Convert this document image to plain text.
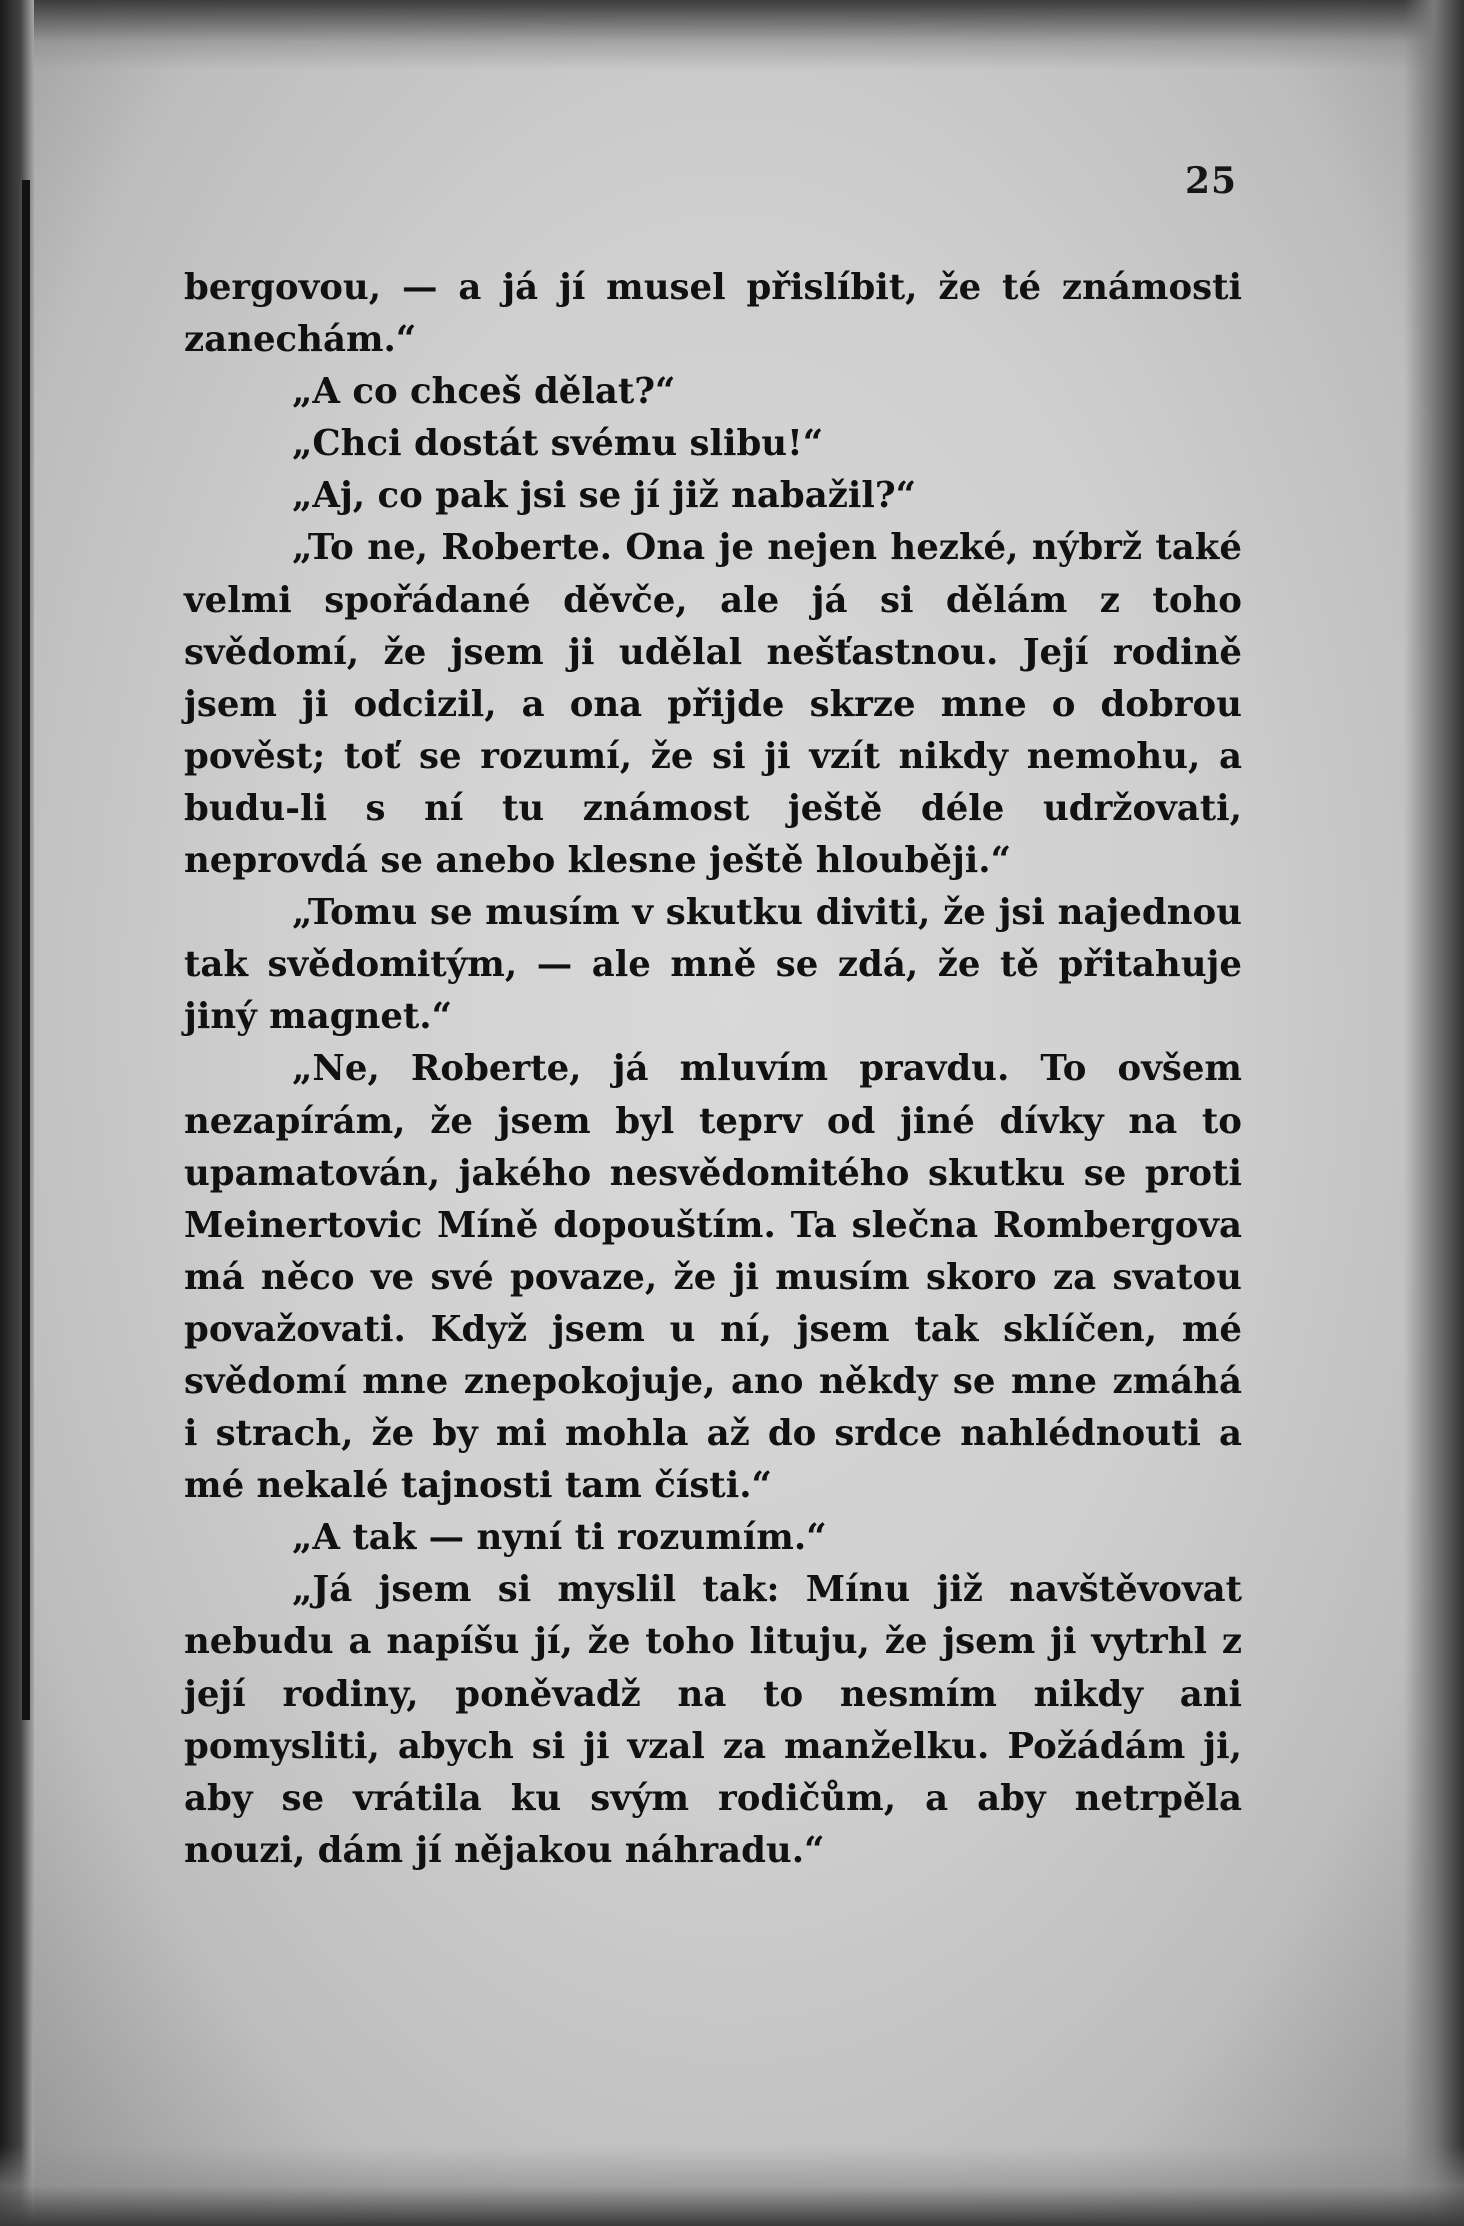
25

bergovou, — a já jí musel přislíbit, že té známosti zanechám.“

„A co chceš dělat?“

„Chci dostát svému slibu!“

„Aj, co pak jsi se jí již nabažil?“

„To ne, Roberte. Ona je nejen hezké, nýbrž také velmi spořádané děvče, ale já si dělám z toho svědomí, že jsem ji udělal nešťastnou. Její rodině jsem ji odcizil, a ona přijde skrze mne o dobrou pověst; toť se rozumí, že si ji vzít nikdy nemohu, a budu-li s ní tu známost ještě déle udržovati, neprovdá se anebo klesne ještě hlouběji.“

„Tomu se musím v skutku diviti, že jsi najednou tak svědomitým, — ale mně se zdá, že tě přitahuje jiný magnet.“

„Ne, Roberte, já mluvím pravdu. To ovšem nezapírám, že jsem byl teprv od jiné dívky na to upamatován, jakého nesvědomitého skutku se proti Meinertovic Míně dopouštím. Ta slečna Rombergova má něco ve své povaze, že ji musím skoro za svatou považovati. Když jsem u ní, jsem tak sklíčen, mé svědomí mne znepokojuje, ano někdy se mne zmáhá i strach, že by mi mohla až do srdce nahlédnouti a mé nekalé tajnosti tam čísti.“

„A tak — nyní ti rozumím.“

„Já jsem si myslil tak: Mínu již navštěvovat nebudu a napíšu jí, že toho lituju, že jsem ji vytrhl z její rodiny, poněvadž na to nesmím nikdy ani pomysliti, abych si ji vzal za manželku. Požádám ji, aby se vrátila ku svým rodičům, a aby netrpěla nouzi, dám jí nějakou náhradu.“
